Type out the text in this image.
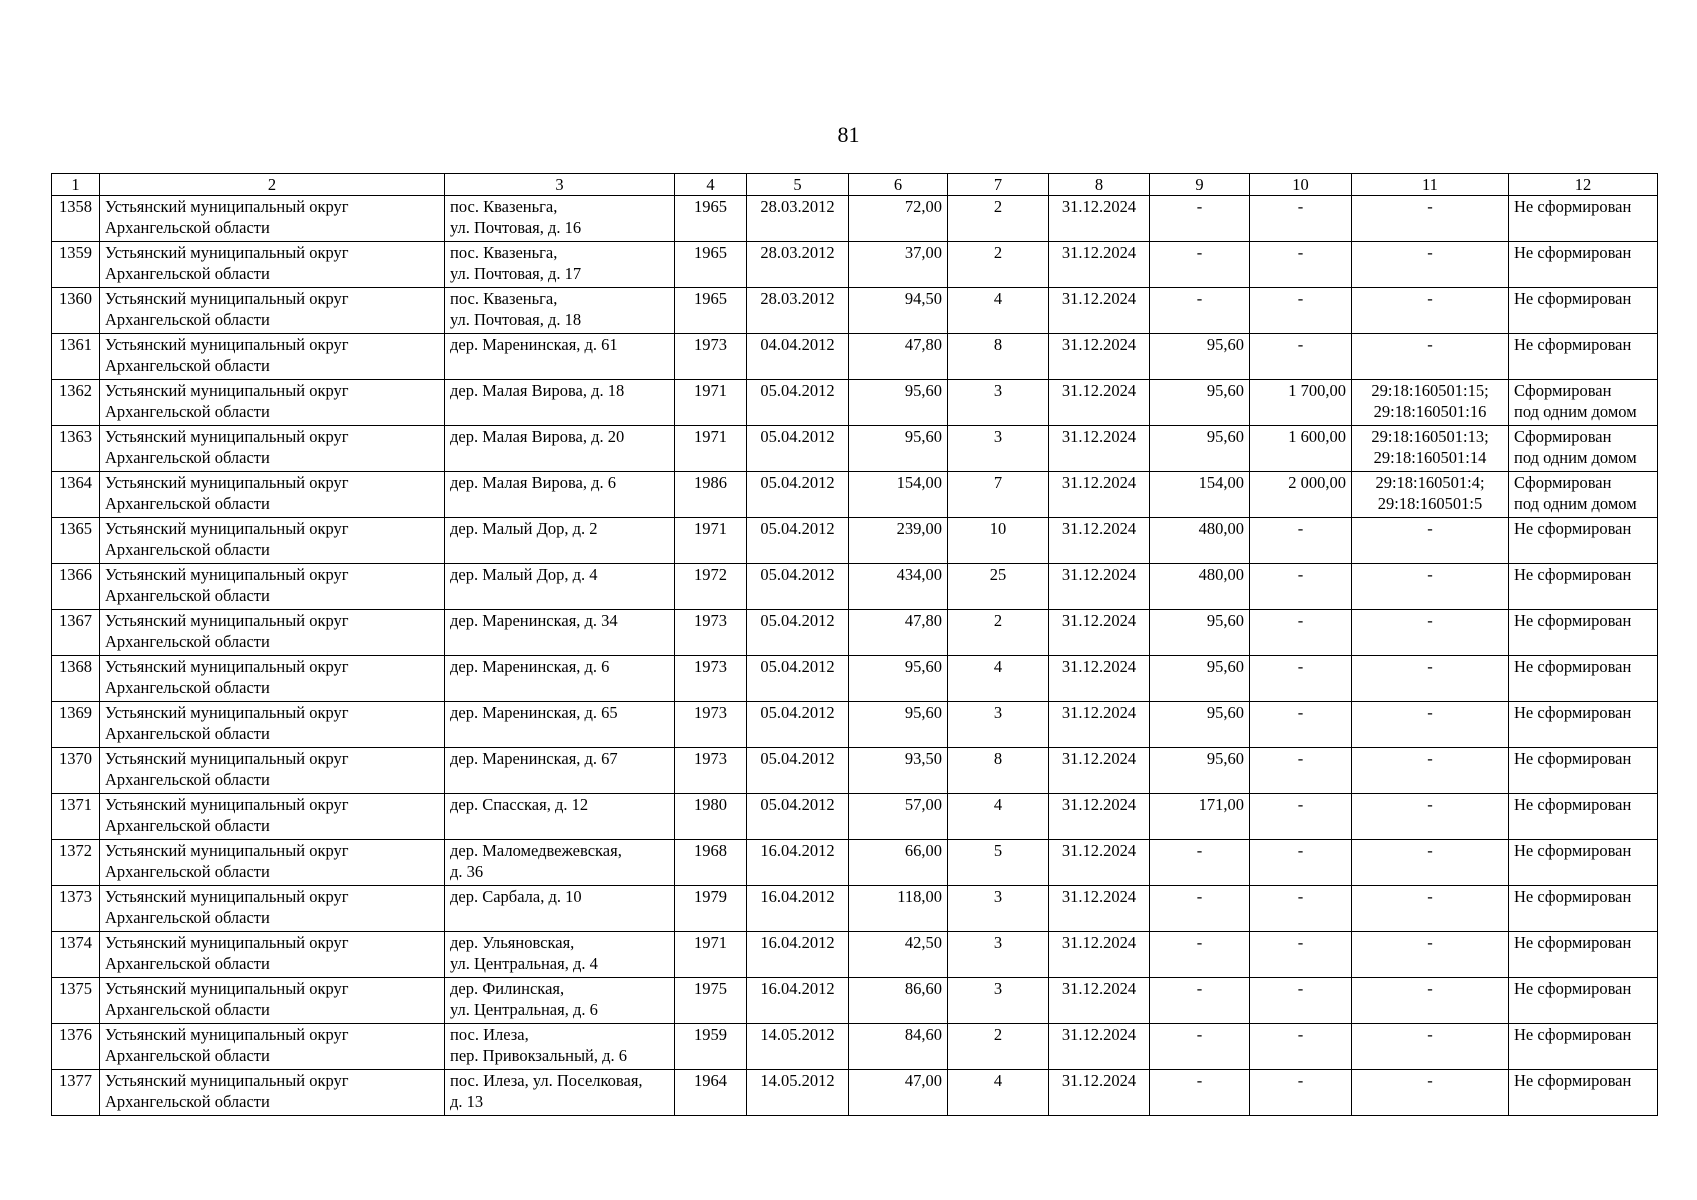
81
1	2	3	4	5	6	7	8	9	10	11	12
1358	Устьянский муниципальный округ
Архангельской области	пос. Квазеньга,
ул. Почтовая, д. 16	1965	28.03.2012	72,00	2	31.12.2024	-	-	-	Не сформирован

1359	Устьянский муниципальный округ
Архангельской области	пос. Квазеньга,
ул. Почтовая, д. 17	1965	28.03.2012	37,00	2	31.12.2024	-	-	-	Не сформирован

1360	Устьянский муниципальный округ
Архангельской области	пос. Квазеньга,
ул. Почтовая, д. 18	1965	28.03.2012	94,50	4	31.12.2024	-	-	-	Не сформирован

1361	Устьянский муниципальный округ
Архангельской области	дер. Маренинская, д. 61	1973	04.04.2012	47,80	8	31.12.2024	95,60	-	-	Не сформирован

1362	Устьянский муниципальный округ
Архангельской области	дер. Малая Вирова, д. 18	1971	05.04.2012	95,60	3	31.12.2024	95,60	1 700,00	29:18:160501:15;
29:18:160501:16	Сформирован
под одним домом

1363	Устьянский муниципальный округ
Архангельской области	дер. Малая Вирова, д. 20	1971	05.04.2012	95,60	3	31.12.2024	95,60	1 600,00	29:18:160501:13;
29:18:160501:14	Сформирован
под одним домом

1364	Устьянский муниципальный округ
Архангельской области	дер. Малая Вирова, д. 6	1986	05.04.2012	154,00	7	31.12.2024	154,00	2 000,00	29:18:160501:4;
29:18:160501:5	Сформирован
под одним домом

1365	Устьянский муниципальный округ
Архангельской области	дер. Малый Дор, д. 2	1971	05.04.2012	239,00	10	31.12.2024	480,00	-	-	Не сформирован

1366	Устьянский муниципальный округ
Архангельской области	дер. Малый Дор, д. 4	1972	05.04.2012	434,00	25	31.12.2024	480,00	-	-	Не сформирован

1367	Устьянский муниципальный округ
Архангельской области	дер. Маренинская, д. 34	1973	05.04.2012	47,80	2	31.12.2024	95,60	-	-	Не сформирован

1368	Устьянский муниципальный округ
Архангельской области	дер. Маренинская, д. 6	1973	05.04.2012	95,60	4	31.12.2024	95,60	-	-	Не сформирован

1369	Устьянский муниципальный округ
Архангельской области	дер. Маренинская, д. 65	1973	05.04.2012	95,60	3	31.12.2024	95,60	-	-	Не сформирован

1370	Устьянский муниципальный округ
Архангельской области	дер. Маренинская, д. 67	1973	05.04.2012	93,50	8	31.12.2024	95,60	-	-	Не сформирован

1371	Устьянский муниципальный округ
Архангельской области	дер. Спасская, д. 12	1980	05.04.2012	57,00	4	31.12.2024	171,00	-	-	Не сформирован

1372	Устьянский муниципальный округ
Архангельской области	дер. Маломедвежевская,
д. 36	1968	16.04.2012	66,00	5	31.12.2024	-	-	-	Не сформирован

1373	Устьянский муниципальный округ
Архангельской области	дер. Сарбала, д. 10	1979	16.04.2012	118,00	3	31.12.2024	-	-	-	Не сформирован

1374	Устьянский муниципальный округ
Архангельской области	дер. Ульяновская,
ул. Центральная, д. 4	1971	16.04.2012	42,50	3	31.12.2024	-	-	-	Не сформирован

1375	Устьянский муниципальный округ
Архангельской области	дер. Филинская,
ул. Центральная, д. 6	1975	16.04.2012	86,60	3	31.12.2024	-	-	-	Не сформирован

1376	Устьянский муниципальный округ
Архангельской области	пос. Илеза,
пер. Привокзальный, д. 6	1959	14.05.2012	84,60	2	31.12.2024	-	-	-	Не сформирован

1377	Устьянский муниципальный округ
Архангельской области	пос. Илеза, ул. Поселковая,
д. 13	1964	14.05.2012	47,00	4	31.12.2024	-	-	-	Не сформирован
